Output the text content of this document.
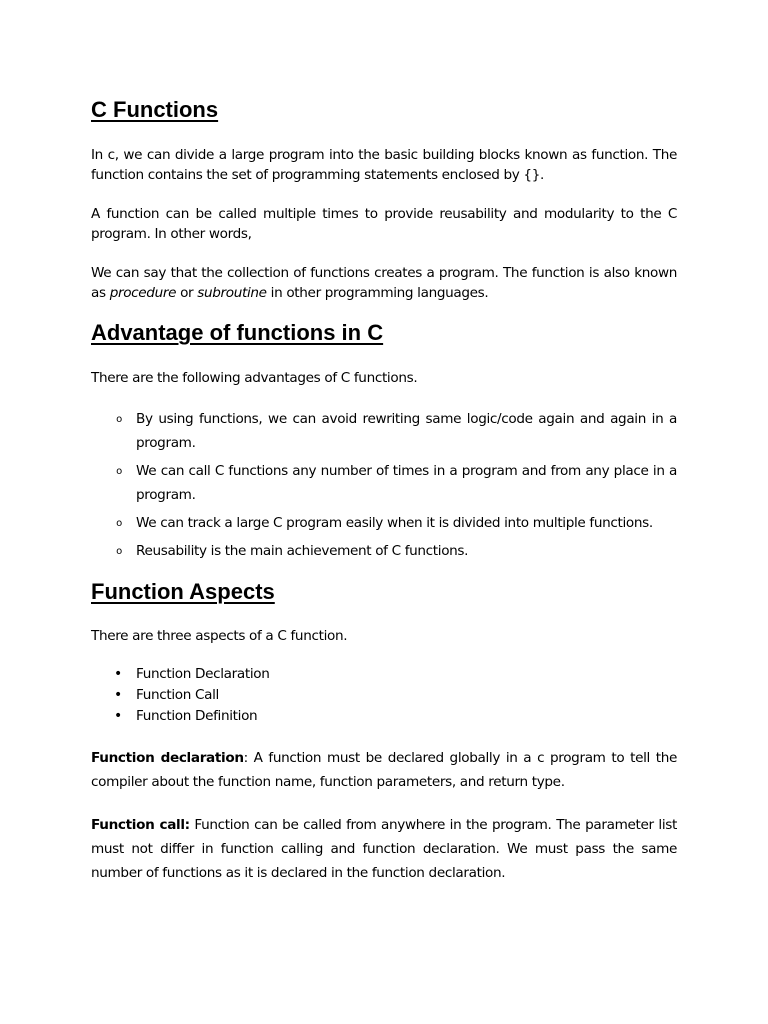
C Functions

In c, we can divide a large program into the basic building blocks known as function. The function contains the set of programming statements enclosed by {}.

A function can be called multiple times to provide reusability and modularity to the C program. In other words,

We can say that the collection of functions creates a program. The function is also known as procedure or subroutine in other programming languages.

Advantage of functions in C

There are the following advantages of C functions.

o By using functions, we can avoid rewriting same logic/code again and again in a program.
o We can call C functions any number of times in a program and from any place in a program.
o We can track a large C program easily when it is divided into multiple functions.
o Reusability is the main achievement of C functions.
Function Aspects

There are three aspects of a C function.

• Function Declaration
• Function Call
• Function Definition

Function declaration: A function must be declared globally in a c program to tell the compiler about the function name, function parameters, and return type.

Function call: Function can be called from anywhere in the program. The parameter list must not differ in function calling and function declaration. We must pass the same number of functions as it is declared in the function declaration.
